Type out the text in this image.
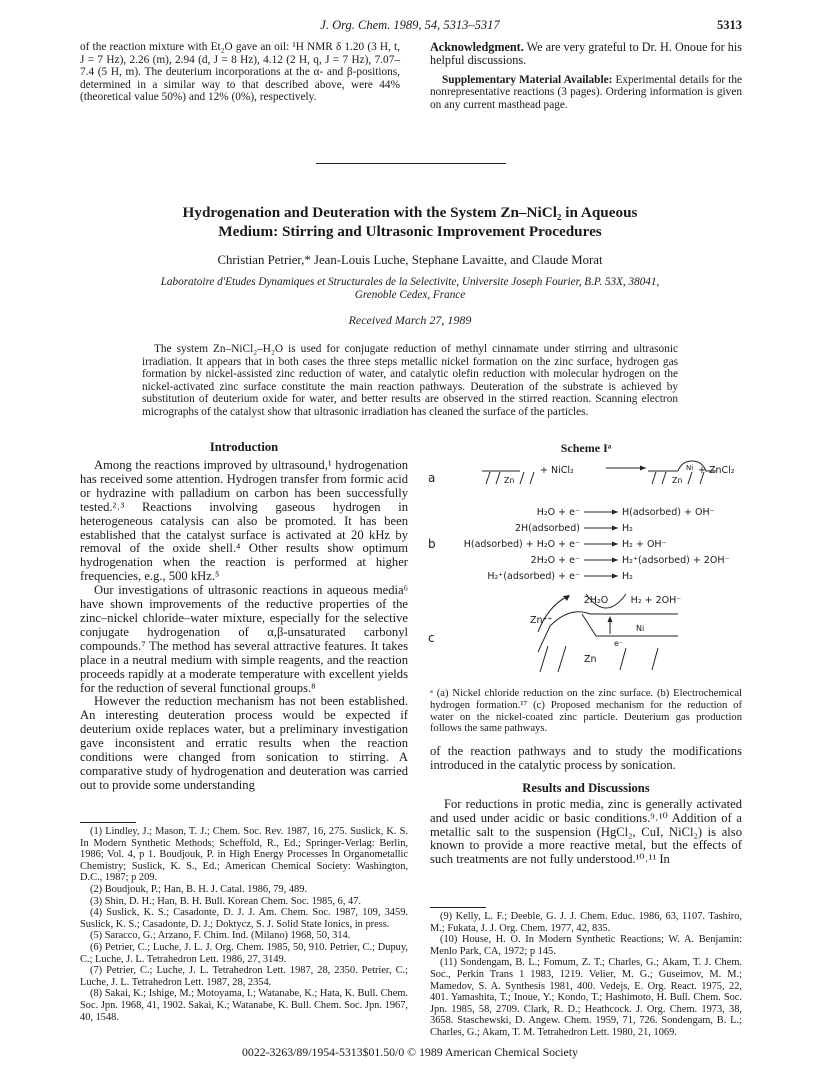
J. Org. Chem. 1989, 54, 5313–5317	5313

of the reaction mixture with Et₂O gave an oil: ¹H NMR δ 1.20 (3 H, t, J = 7 Hz), 2.26 (m), 2.94 (d, J = 8 Hz), 4.12 (2 H, q, J = 7 Hz), 7.07–7.4 (5 H, m). The deuterium incorporations at the α- and β-positions, determined in a similar way to that described above, were 44% (theoretical value 50%) and 12% (0%), respectively.

Acknowledgment. We are very grateful to Dr. H. Onoue for his helpful discussions.

Supplementary Material Available: Experimental details for the nonrepresentative reactions (3 pages). Ordering information is given on any current masthead page.

Hydrogenation and Deuteration with the System Zn–NiCl₂ in Aqueous
Medium: Stirring and Ultrasonic Improvement Procedures
Christian Petrier,* Jean-Louis Luche, Stephane Lavaitte, and Claude Morat
Laboratoire d'Etudes Dynamiques et Structurales de la Selectivite, Universite Joseph Fourier, B.P. 53X, 38041,
Grenoble Cedex, France
Received March 27, 1989

The system Zn–NiCl₂–H₂O is used for conjugate reduction of methyl cinnamate under stirring and ultrasonic irradiation. It appears that in both cases the three steps metallic nickel formation on the zinc surface, hydrogen gas formation by nickel-assisted zinc reduction of water, and catalytic olefin reduction with molecular hydrogen on the nickel-activated zinc surface constitute the main reaction pathways. Deuteration of the substrate is achieved by substitution of deuterium oxide for water, and better results are observed in the stirred reaction. Scanning electron micrographs of the catalyst show that ultrasonic irradiation has cleaned the surface of the particles.

Introduction

Among the reactions improved by ultrasound,¹ hydrogenation has received some attention. Hydrogen transfer from formic acid or hydrazine with palladium on carbon has been successfully tested.²˒³ Reactions involving gaseous hydrogen in heterogeneous catalysis can also be promoted. It has been established that the catalyst surface is activated at 20 kHz by removal of the oxide shell.⁴ Other results show optimum hydrogenation when the reaction is performed at higher frequencies, e.g., 500 kHz.⁵

Our investigations of ultrasonic reactions in aqueous media⁶ have shown improvements of the reductive properties of the zinc–nickel chloride–water mixture, especially for the selective conjugate hydrogenation of α,β-unsaturated carbonyl compounds.⁷ The method has several attractive features. It takes place in a neutral medium with simple reagents, and the reaction proceeds rapidly at a moderate temperature with excellent yields for the reduction of several functional groups.⁸

However the reduction mechanism has not been established. An interesting deuteration process would be expected if deuterium oxide replaces water, but a preliminary investigation gave inconsistent and erratic results when the reaction conditions were changed from sonication to stirring. A comparative study of hydrogenation and deuteration was carried out to provide some understanding

(1) Lindley, J.; Mason, T. J.; Chem. Soc. Rev. 1987, 16, 275. Suslick, K. S. In Modern Synthetic Methods; Scheffold, R., Ed.; Springer-Verlag: Berlin, 1986; Vol. 4, p 1. Boudjouk, P. in High Energy Processes In Organometallic Chemistry; Suslick, K. S., Ed.; American Chemical Society: Washington, D.C., 1987; p 209.

(2) Boudjouk, P.; Han, B. H. J. Catal. 1986, 79, 489.

(3) Shin, D. H.; Han, B. H. Bull. Korean Chem. Soc. 1985, 6, 47.

(4) Suslick, K. S.; Casadonte, D. J. J. Am. Chem. Soc. 1987, 109, 3459. Suslick, K. S.; Casadonte, D. J.; Doktycz, S. J. Solid State Ionics, in press.

(5) Saracco, G.; Arzano, F. Chim. Ind. (Milano) 1968, 50, 314.

(6) Petrier, C.; Luche, J. L. J. Org. Chem. 1985, 50, 910. Petrier, C.; Dupuy, C.; Luche, J. L. Tetrahedron Lett. 1986, 27, 3149.

(7) Petrier, C.; Luche, J. L. Tetrahedron Lett. 1987, 28, 2350. Petrier, C.; Luche, J. L. Tetrahedron Lett. 1987, 28, 2354.

(8) Sakai, K.; Ishige, M.; Motoyama, I.; Watanabe, K.; Hata, K. Bull. Chem. Soc. Jpn. 1968, 41, 1902. Sakai, K.; Watanabe, K. Bull. Chem. Soc. Jpn. 1967, 40, 1548.

Scheme Iᵃ
a	Zn
+ NiCl₂	Ni
Zn
+ ZnCl₂
b
H₂O + e⁻	H(adsorbed) + OH⁻
2H(adsorbed)	H₂
H(adsorbed) + H₂O + e⁻	H₂ + OH⁻
2H₂O + e⁻	H₂⁺(adsorbed) + 2OH⁻
H₂⁺(adsorbed) + e⁻	H₂
c
2H₂O H₂ + 2OH⁻
Zn⁺⁺
Ni
Zn
e⁻
ᵃ (a) Nickel chloride reduction on the zinc surface. (b) Electrochemical hydrogen formation.¹⁷ (c) Proposed mechanism for the reduction of water on the nickel-coated zinc particle. Deuterium gas production follows the same pathways.
of the reaction pathways and to study the modifications introduced in the catalytic process by sonication.
Results and Discussions

For reductions in protic media, zinc is generally activated and used under acidic or basic conditions.⁹˒¹⁰ Addition of a metallic salt to the suspension (HgCl₂, CuI, NiCl₂) is also known to provide a more reactive metal, but the effects of such treatments are not fully understood.¹⁰˒¹¹ In

(9) Kelly, L. F.; Deeble, G. J. J. Chem. Educ. 1986, 63, 1107. Tashiro, M.; Fukata, J. J. Org. Chem. 1977, 42, 835.

(10) House, H. O. In Modern Synthetic Reactions; W. A. Benjamin: Menlo Park, CA, 1972; p 145.

(11) Sondengam, B. L.; Fomum, Z. T.; Charles, G.; Akam, T. J. Chem. Soc., Perkin Trans 1 1983, 1219. Velier, M. G.; Guseimov, M. M.; Mamedov, S. A. Synthesis 1981, 400. Vedejs, E. Org. React. 1975, 22, 401. Yamashita, T.; Inoue, Y.; Kondo, T.; Hashimoto, H. Bull. Chem. Soc. Jpn. 1985, 58, 2709. Clark, R. D.; Heathcock. J. Org. Chem. 1973, 38, 3658. Staschewski, D. Angew. Chem. 1959, 71, 726. Sondengam, B. L.; Charles, G.; Akam, T. M. Tetrahedron Lett. 1980, 21, 1069.

0022-3263/89/1954-5313$01.50/0 © 1989 American Chemical Society
